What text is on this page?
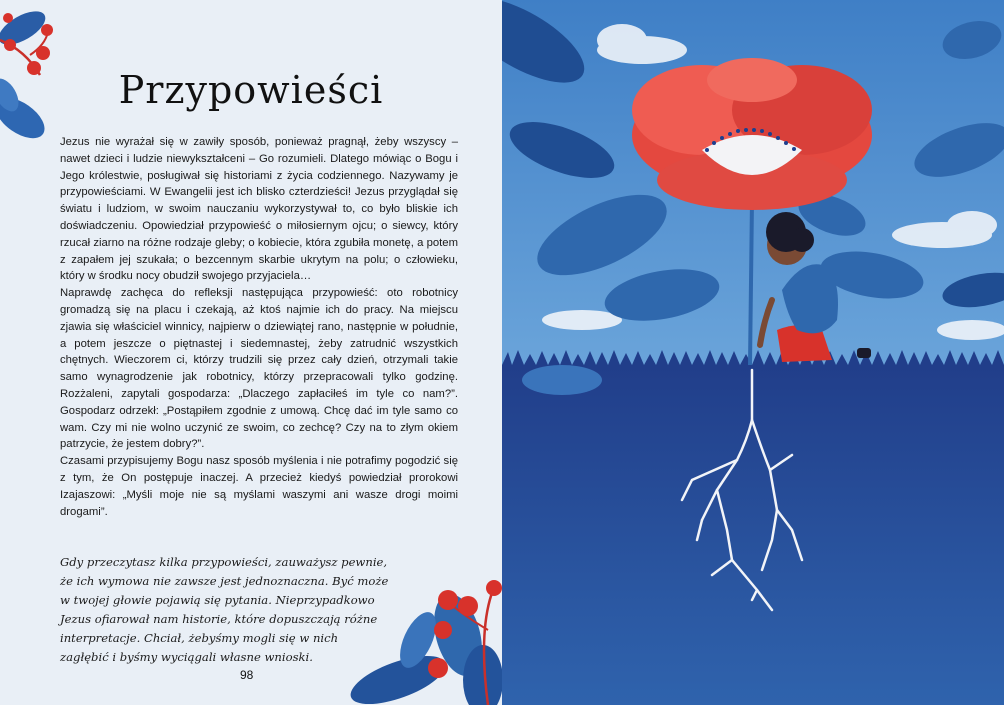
Przypowieści

Jezus nie wyrażał się w zawiły sposób, ponieważ pragnął, żeby wszyscy – nawet dzieci i ludzie niewykształceni – Go rozumieli. Dlatego mówiąc o Bogu i Jego królestwie, posługiwał się historiami z życia codziennego. Nazywamy je przypowieściami. W Ewangelii jest ich blisko czterdzieści! Jezus przyglądał się światu i ludziom, w swoim nauczaniu wykorzystywał to, co było bliskie ich doświadczeniu. Opowiedział przypowieść o miłosiernym ojcu; o siewcy, który rzucał ziarno na różne rodzaje gleby; o kobiecie, która zgubiła monetę, a potem z zapałem jej szukała; o bezcennym skarbie ukrytym na polu; o człowieku, który w środku nocy obudził swojego przyjaciela…

Naprawdę zachęca do refleksji następująca przypowieść: oto robotnicy gromadzą się na placu i czekają, aż ktoś najmie ich do pracy. Na miejscu zjawia się właściciel winnicy, najpierw o dziewiątej rano, następnie w południe, a potem jeszcze o piętnastej i siedemnastej, żeby zatrudnić wszystkich chętnych. Wieczorem ci, którzy trudzili się przez cały dzień, otrzymali takie samo wynagrodzenie jak robotnicy, którzy przepracowali tylko godzinę. Rozżaleni, zapytali gospodarza: „Dlaczego zapłaciłeś im tyle co nam?”. Gospodarz odrzekł: „Postąpiłem zgodnie z umową. Chcę dać im tyle samo co wam. Czy mi nie wolno uczynić ze swoim, co zechcę? Czy na to złym okiem patrzycie, że jestem dobry?”.

Czasami przypisujemy Bogu nasz sposób myślenia i nie potrafimy pogodzić się z tym, że On postępuje inaczej. A przecież kiedyś powiedział prorokowi Izajaszowi: „Myśli moje nie są myślami waszymi ani wasze drogi moimi drogami”.

Gdy przeczytasz kilka przypowieści, zauważysz pewnie, że ich wymowa nie zawsze jest jednoznaczna. Być może w twojej głowie pojawią się pytania. Nieprzypadkowo Jezus ofiarował nam historie, które dopuszczają różne interpretacje. Chciał, żebyśmy mogli się w nich zagłębić i byśmy wyciągali własne wnioski.

98
